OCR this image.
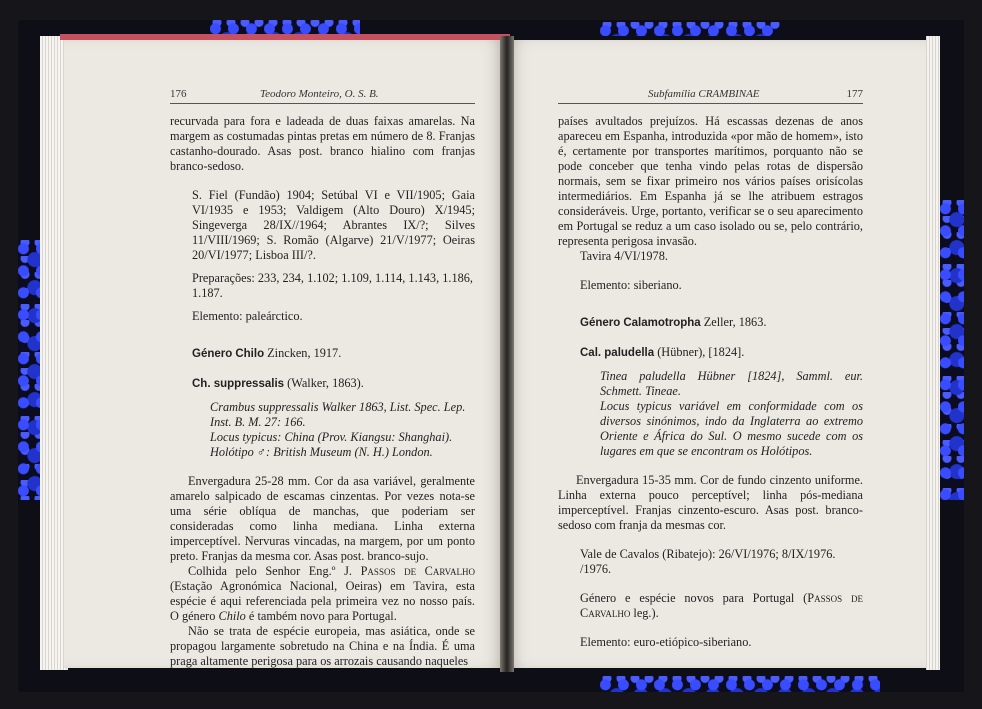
176	Teodoro Monteiro, O. S. B.

recurvada para fora e ladeada de duas faixas amarelas. Na margem as costumadas pintas pretas em número de 8. Franjas castanho-dourado. Asas post. branco hialino com franjas branco-sedoso.

S. Fiel (Fundão) 1904; Setúbal VI e VII/1905; Gaia VI/1935 e 1953; Valdigem (Alto Douro) X/1945; Singeverga 28/IX//1964; Abrantes IX/?; Silves 11/VIII/1969; S. Romão (Algarve) 21/V/1977; Oeiras 20/VI/1977; Lisboa III/?.

Preparações: 233, 234, 1.102; 1.109, 1.114, 1.143, 1.186, 1.187.

Elemento: paleárctico.

Género Chilo Zincken, 1917.

Ch. suppressalis (Walker, 1863).

Crambus suppressalis Walker 1863, List. Spec. Lep. Inst. B. M. 27: 166.

Locus typicus: China (Prov. Kiangsu: Shanghai).

Holótipo ♂: British Museum (N. H.) London.

Envergadura 25-28 mm. Cor da asa variável, geralmente amarelo salpicado de escamas cinzentas. Por vezes nota-se uma série oblíqua de manchas, que poderiam ser consideradas como linha mediana. Linha externa imperceptível. Nervuras vincadas, na margem, por um ponto preto. Franjas da mesma cor. Asas post. branco-sujo.

Colhida pelo Senhor Eng.º J. Passos de Carvalho (Estação Agronómica Nacional, Oeiras) em Tavira, esta espécie é aqui referenciada pela primeira vez no nosso país. O género Chilo é também novo para Portugal.

Não se trata de espécie europeia, mas asiática, onde se propagou largamente sobretudo na China e na Índia. É uma praga altamente perigosa para os arrozais causando naqueles

Subfamília CRAMBINAE	177

países avultados prejuízos. Há escassas dezenas de anos apareceu em Espanha, introduzida «por mão de homem», isto é, certamente por transportes marítimos, porquanto não se pode conceber que tenha vindo pelas rotas de dispersão normais, sem se fixar primeiro nos vários países orisícolas intermediários. Em Espanha já se lhe atribuem estragos consideráveis. Urge, portanto, verificar se o seu aparecimento em Portugal se reduz a um caso isolado ou se, pelo contrário, representa perigosa invasão.

Tavira 4/VI/1978.

Elemento: siberiano.

Género Calamotropha Zeller, 1863.

Cal. paludella (Hübner), [1824].

Tinea paludella Hübner [1824], Samml. eur. Schmett. Tineae.

Locus typicus variável em conformidade com os diversos sinónimos, indo da Inglaterra ao extremo Oriente e África do Sul. O mesmo sucede com os lugares em que se encontram os Holótipos.

Envergadura 15-35 mm. Cor de fundo cinzento uniforme. Linha externa pouco perceptível; linha pós-mediana imperceptível. Franjas cinzento-escuro. Asas post. branco-sedoso com franja da mesmas cor.

Vale de Cavalos (Ribatejo): 26/VI/1976; 8/IX/1976. /1976.

Género e espécie novos para Portugal (Passos de Carvalho leg.).

Elemento: euro-etiópico-siberiano.
